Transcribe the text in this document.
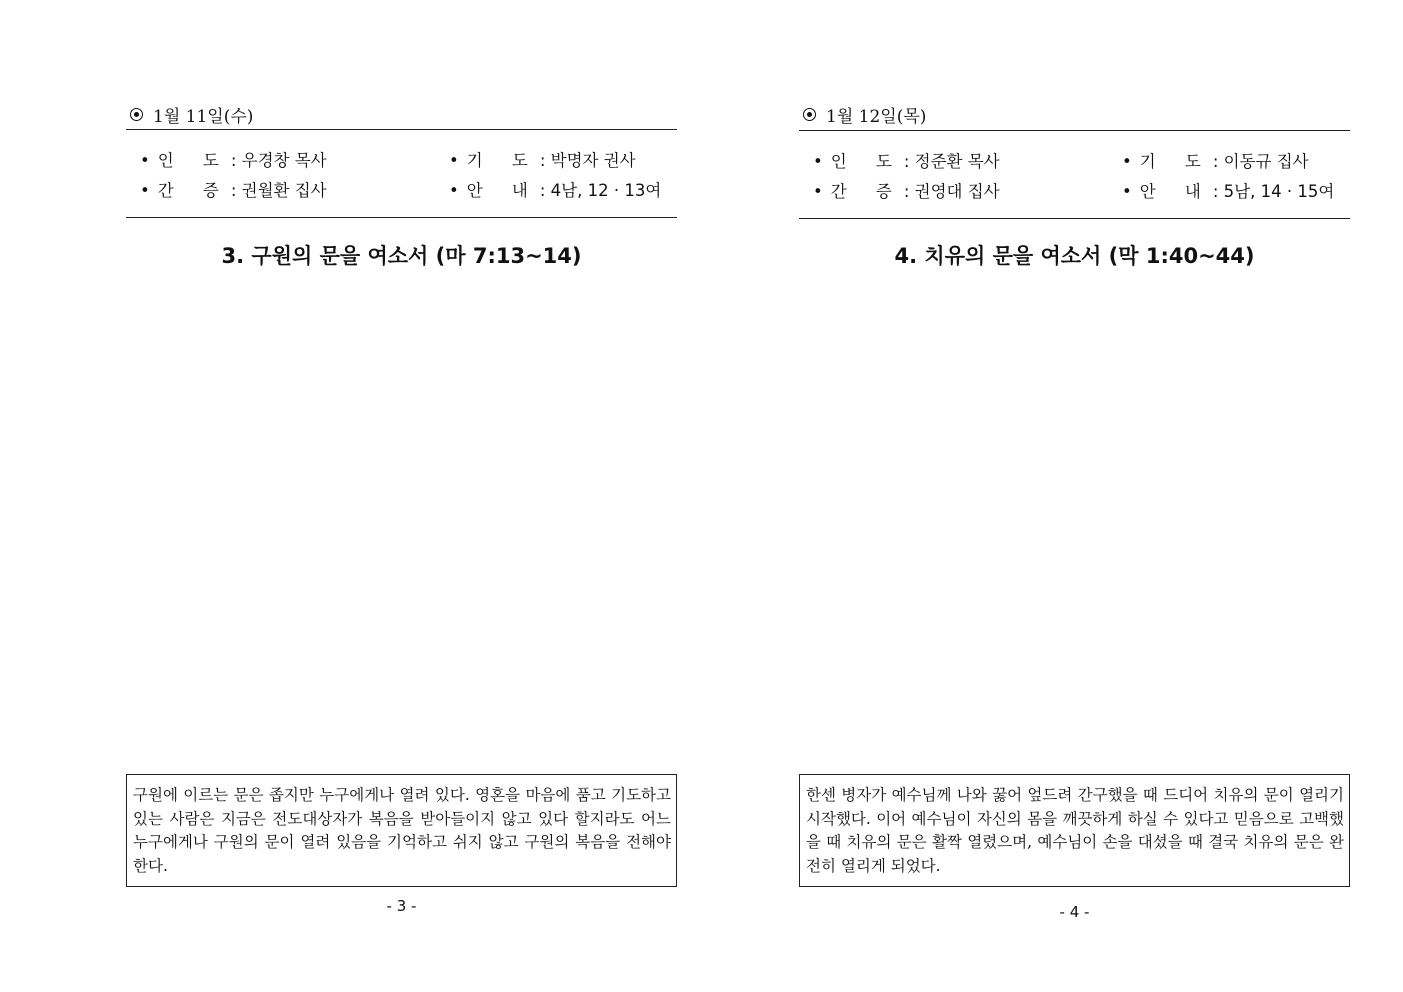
1월 11일(수)
• 인 도: 우경창 목사	• 기 도: 박명자 권사
• 간 증: 권월환 집사	• 안 내: 4남, 12 · 13여
3. 구원의 문을 여소서 (마 7:13~14)
구원에 이르는 문은 좁지만 누구에게나 열려 있다. 영혼을 마음에 품고 기도하고 있는 사람은 지금은 전도대상자가 복음을 받아들이지 않고 있다 할지라도 어느 누구에게나 구원의 문이 열려 있음을 기억하고 쉬지 않고 구원의 복음을 전해야한다.
- 3 -
1월 12일(목)
• 인 도: 정준환 목사	• 기 도: 이동규 집사
• 간 증: 권영대 집사	• 안 내: 5남, 14 · 15여
4. 치유의 문을 여소서 (막 1:40~44)
한센 병자가 예수님께 나와 꿇어 엎드려 간구했을 때 드디어 치유의 문이 열리기 시작했다. 이어 예수님이 자신의 몸을 깨끗하게 하실 수 있다고 믿음으로 고백했을 때 치유의 문은 활짝 열렸으며, 예수님이 손을 대셨을 때 결국 치유의 문은 완전히 열리게 되었다.
- 4 -
